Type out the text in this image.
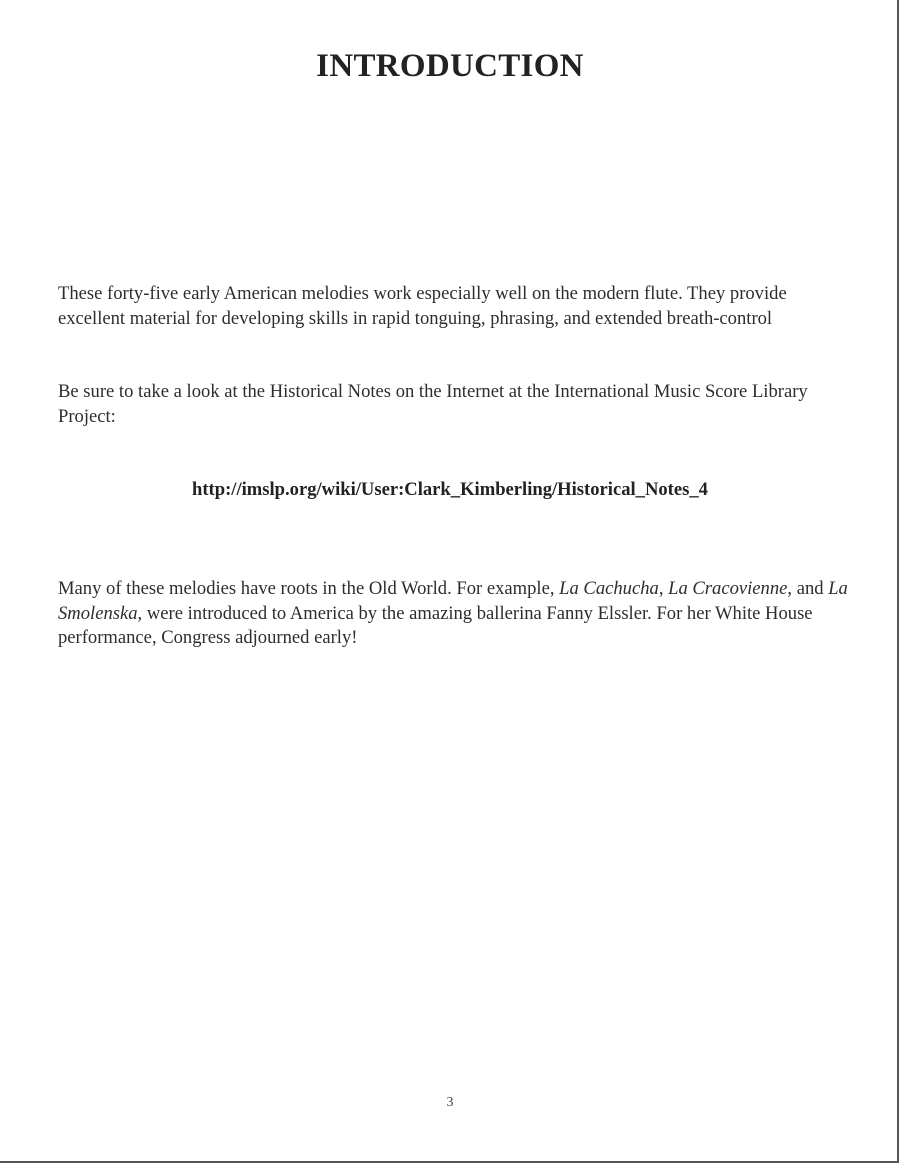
INTRODUCTION

These forty-five early American melodies work especially well on the modern flute. They provide excellent material for developing skills in rapid tonguing, phrasing, and extended breath-control

Be sure to take a look at the Historical Notes on the Internet at the International Music Score Library Project:

http://imslp.org/wiki/User:Clark_Kimberling/Historical_Notes_4

Many of these melodies have roots in the Old World. For example, La Cachucha, La Cracovienne, and La Smolenska, were introduced to America by the amazing ballerina Fanny Elssler. For her White House performance, Congress adjourned early!

3
